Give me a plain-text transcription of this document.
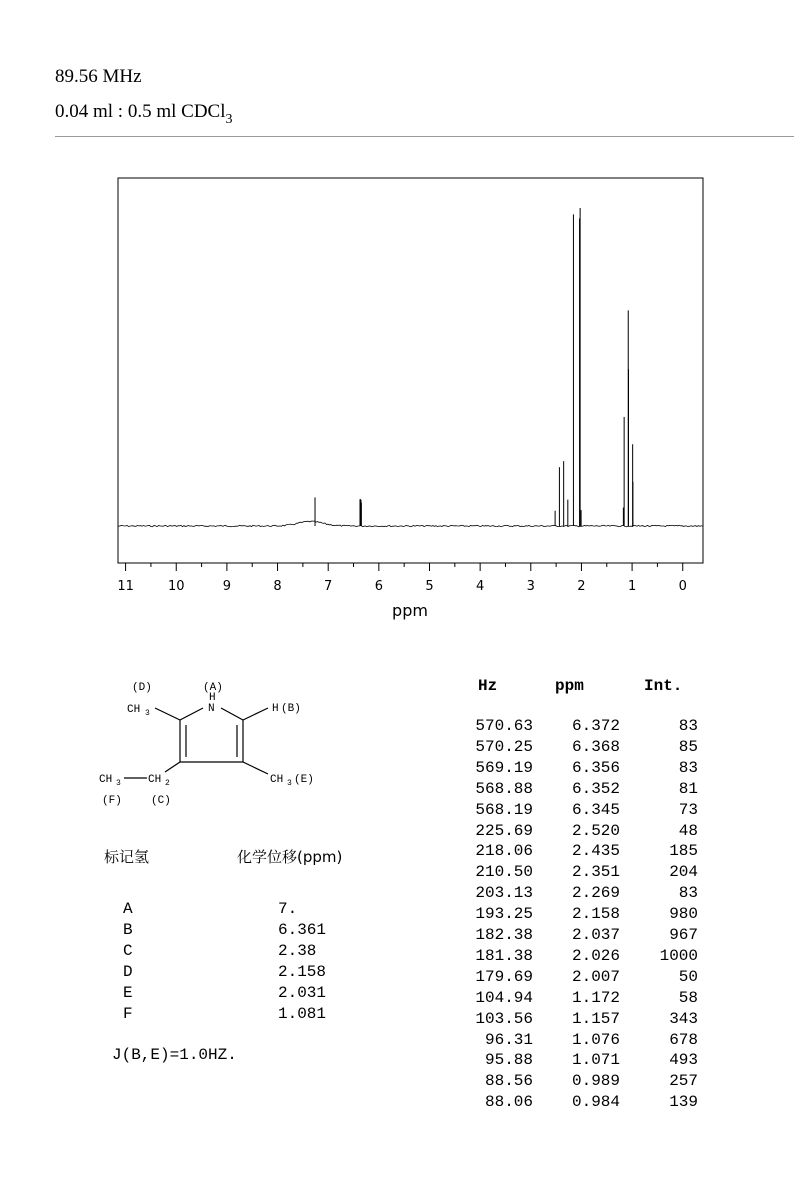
89.56 MHz
0.04 ml : 0.5 ml CDCl$_3$
11	10	9	8	7	6	5	4	3	2	1	0
ppm
(D)	(A)
H
N
CH 3	H (B)
CH 3 CH 2	CH 3 (E)
(F)	(C)
标记氢	化学位移(ppm)
A	7.
B	6.361
C	2.38
D	2.158
E	2.031
F	1.081
J(B,E)=1.0HZ.
Hz	ppm	Int.
570.63 6.372	83
570.25 6.368	85
569.19 6.356	83
568.88 6.352	81
568.19 6.345	73
225.69 2.520	48
218.06 2.435	185
210.50 2.351	204
203.13 2.269	83
193.25 2.158	980
182.38 2.037	967
181.38 2.026 1000
179.69 2.007	50
104.94 1.172	58
103.56 1.157	343
96.31 1.076	678
95.88 1.071	493
88.56 0.989	257
88.06 0.984	139
